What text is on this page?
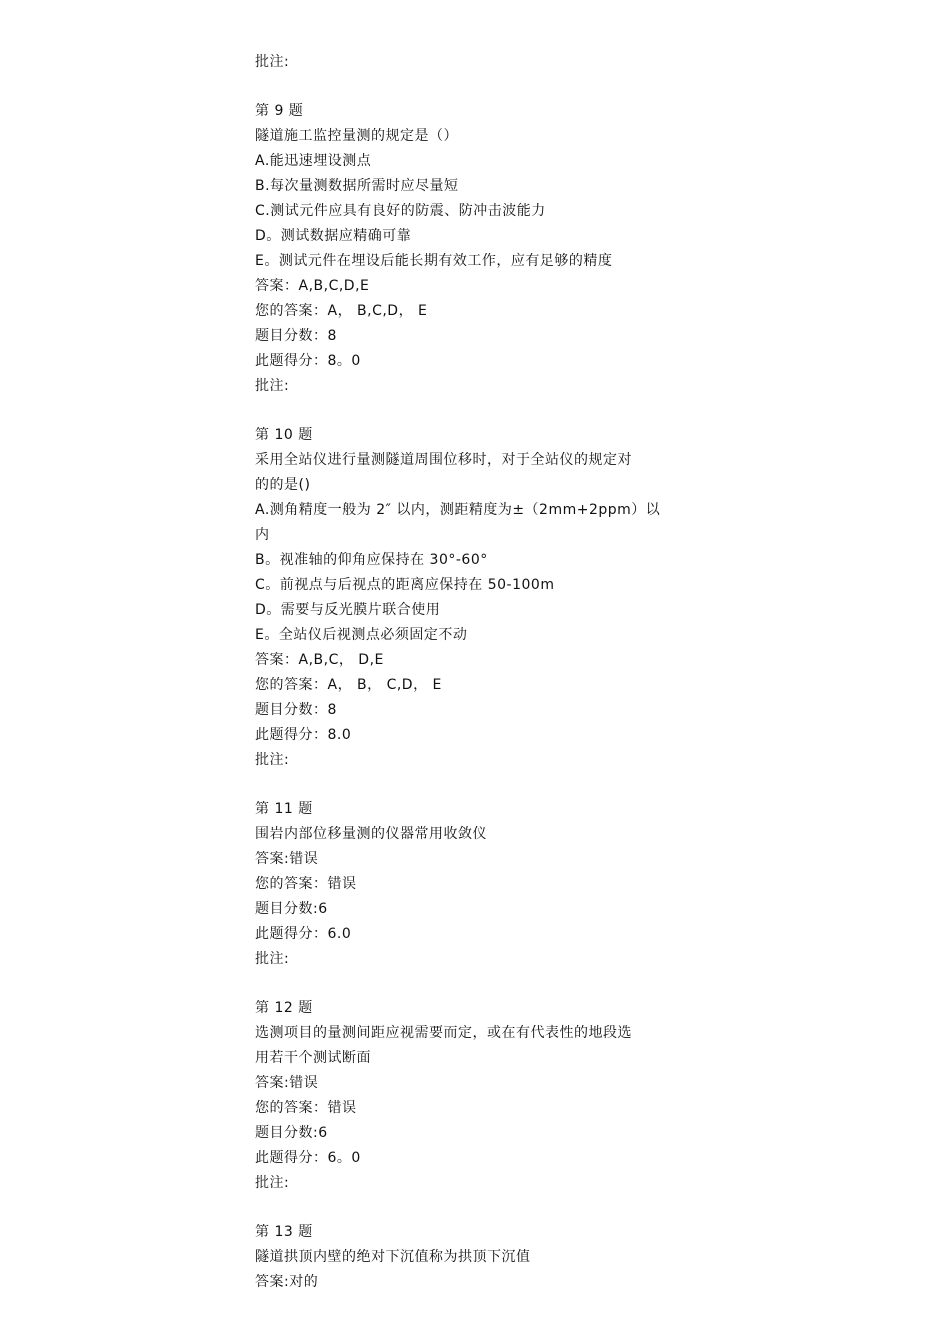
批注:
第 9 题
隧道施工监控量测的规定是（）
A.能迅速埋设测点
B.每次量测数据所需时应尽量短
C.测试元件应具有良好的防震、防冲击波能力
D。测试数据应精确可靠
E。测试元件在埋设后能长期有效工作，应有足够的精度
答案：A,B,C,D,E
您的答案：A， B,C,D， E
题目分数：8
此题得分：8。0
批注:
第 10 题
采用全站仪进行量测隧道周围位移时，对于全站仪的规定对
的的是()
A.测角精度一般为 2″ 以内，测距精度为±（2mm+2ppm）以
内
B。视准轴的仰角应保持在 30°-60°
C。前视点与后视点的距离应保持在 50-100m
D。需要与反光膜片联合使用
E。全站仪后视测点必须固定不动
答案：A,B,C， D,E
您的答案：A， B， C,D， E
题目分数：8
此题得分：8.0
批注:
第 11 题
围岩内部位移量测的仪器常用收敛仪
答案:错误
您的答案：错误
题目分数:6
此题得分：6.0
批注:
第 12 题
选测项目的量测间距应视需要而定，或在有代表性的地段选
用若干个测试断面
答案:错误
您的答案：错误
题目分数:6
此题得分：6。0
批注:
第 13 题
隧道拱顶内壁的绝对下沉值称为拱顶下沉值
答案:对的
